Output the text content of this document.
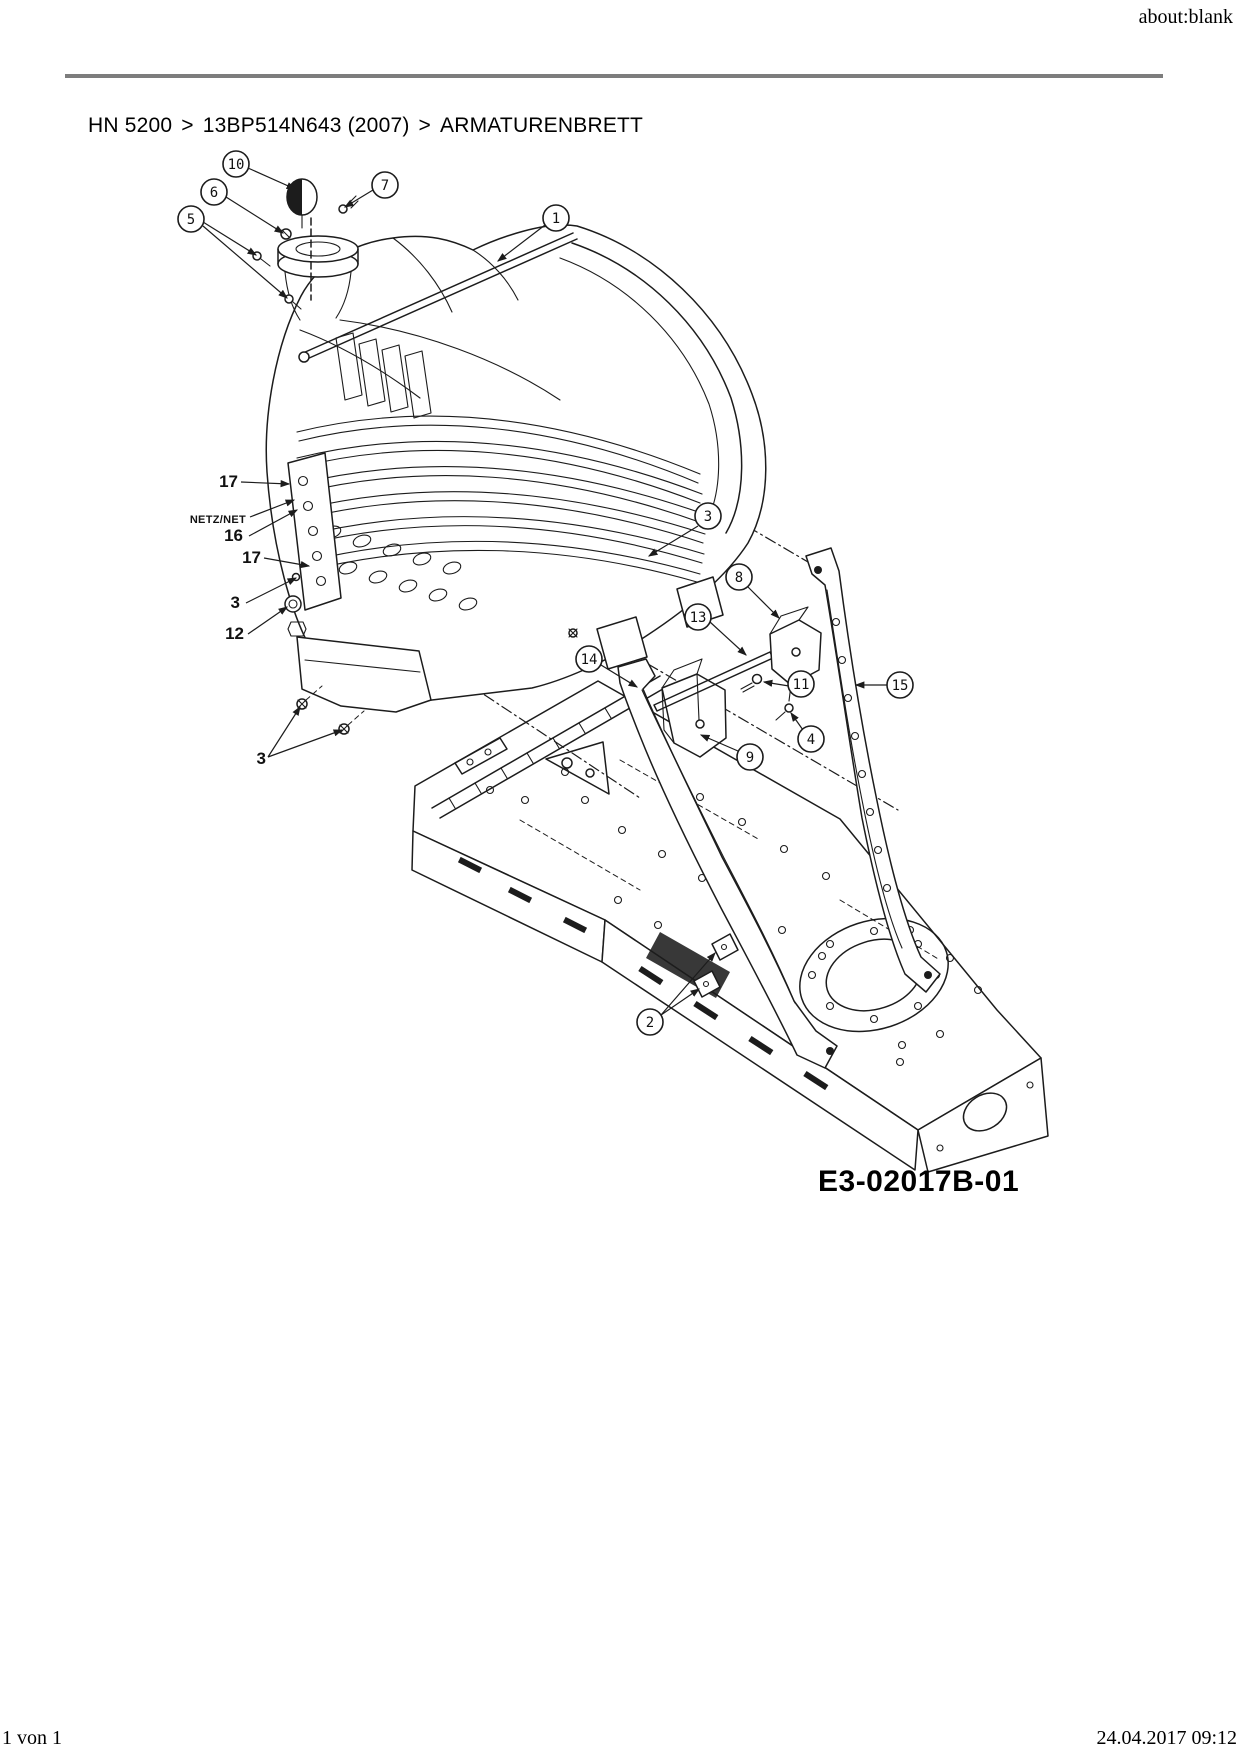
about:blank
HN 5200 > 13BP514N643 (2007) > ARMATURENBRETT
10
6
5
7
1
3
8
13
14
11	15
4
9
2
17
NETZ/NET
16
17
3
12
3
E3-02017B-01
1 von 1	24.04.2017 09:12
